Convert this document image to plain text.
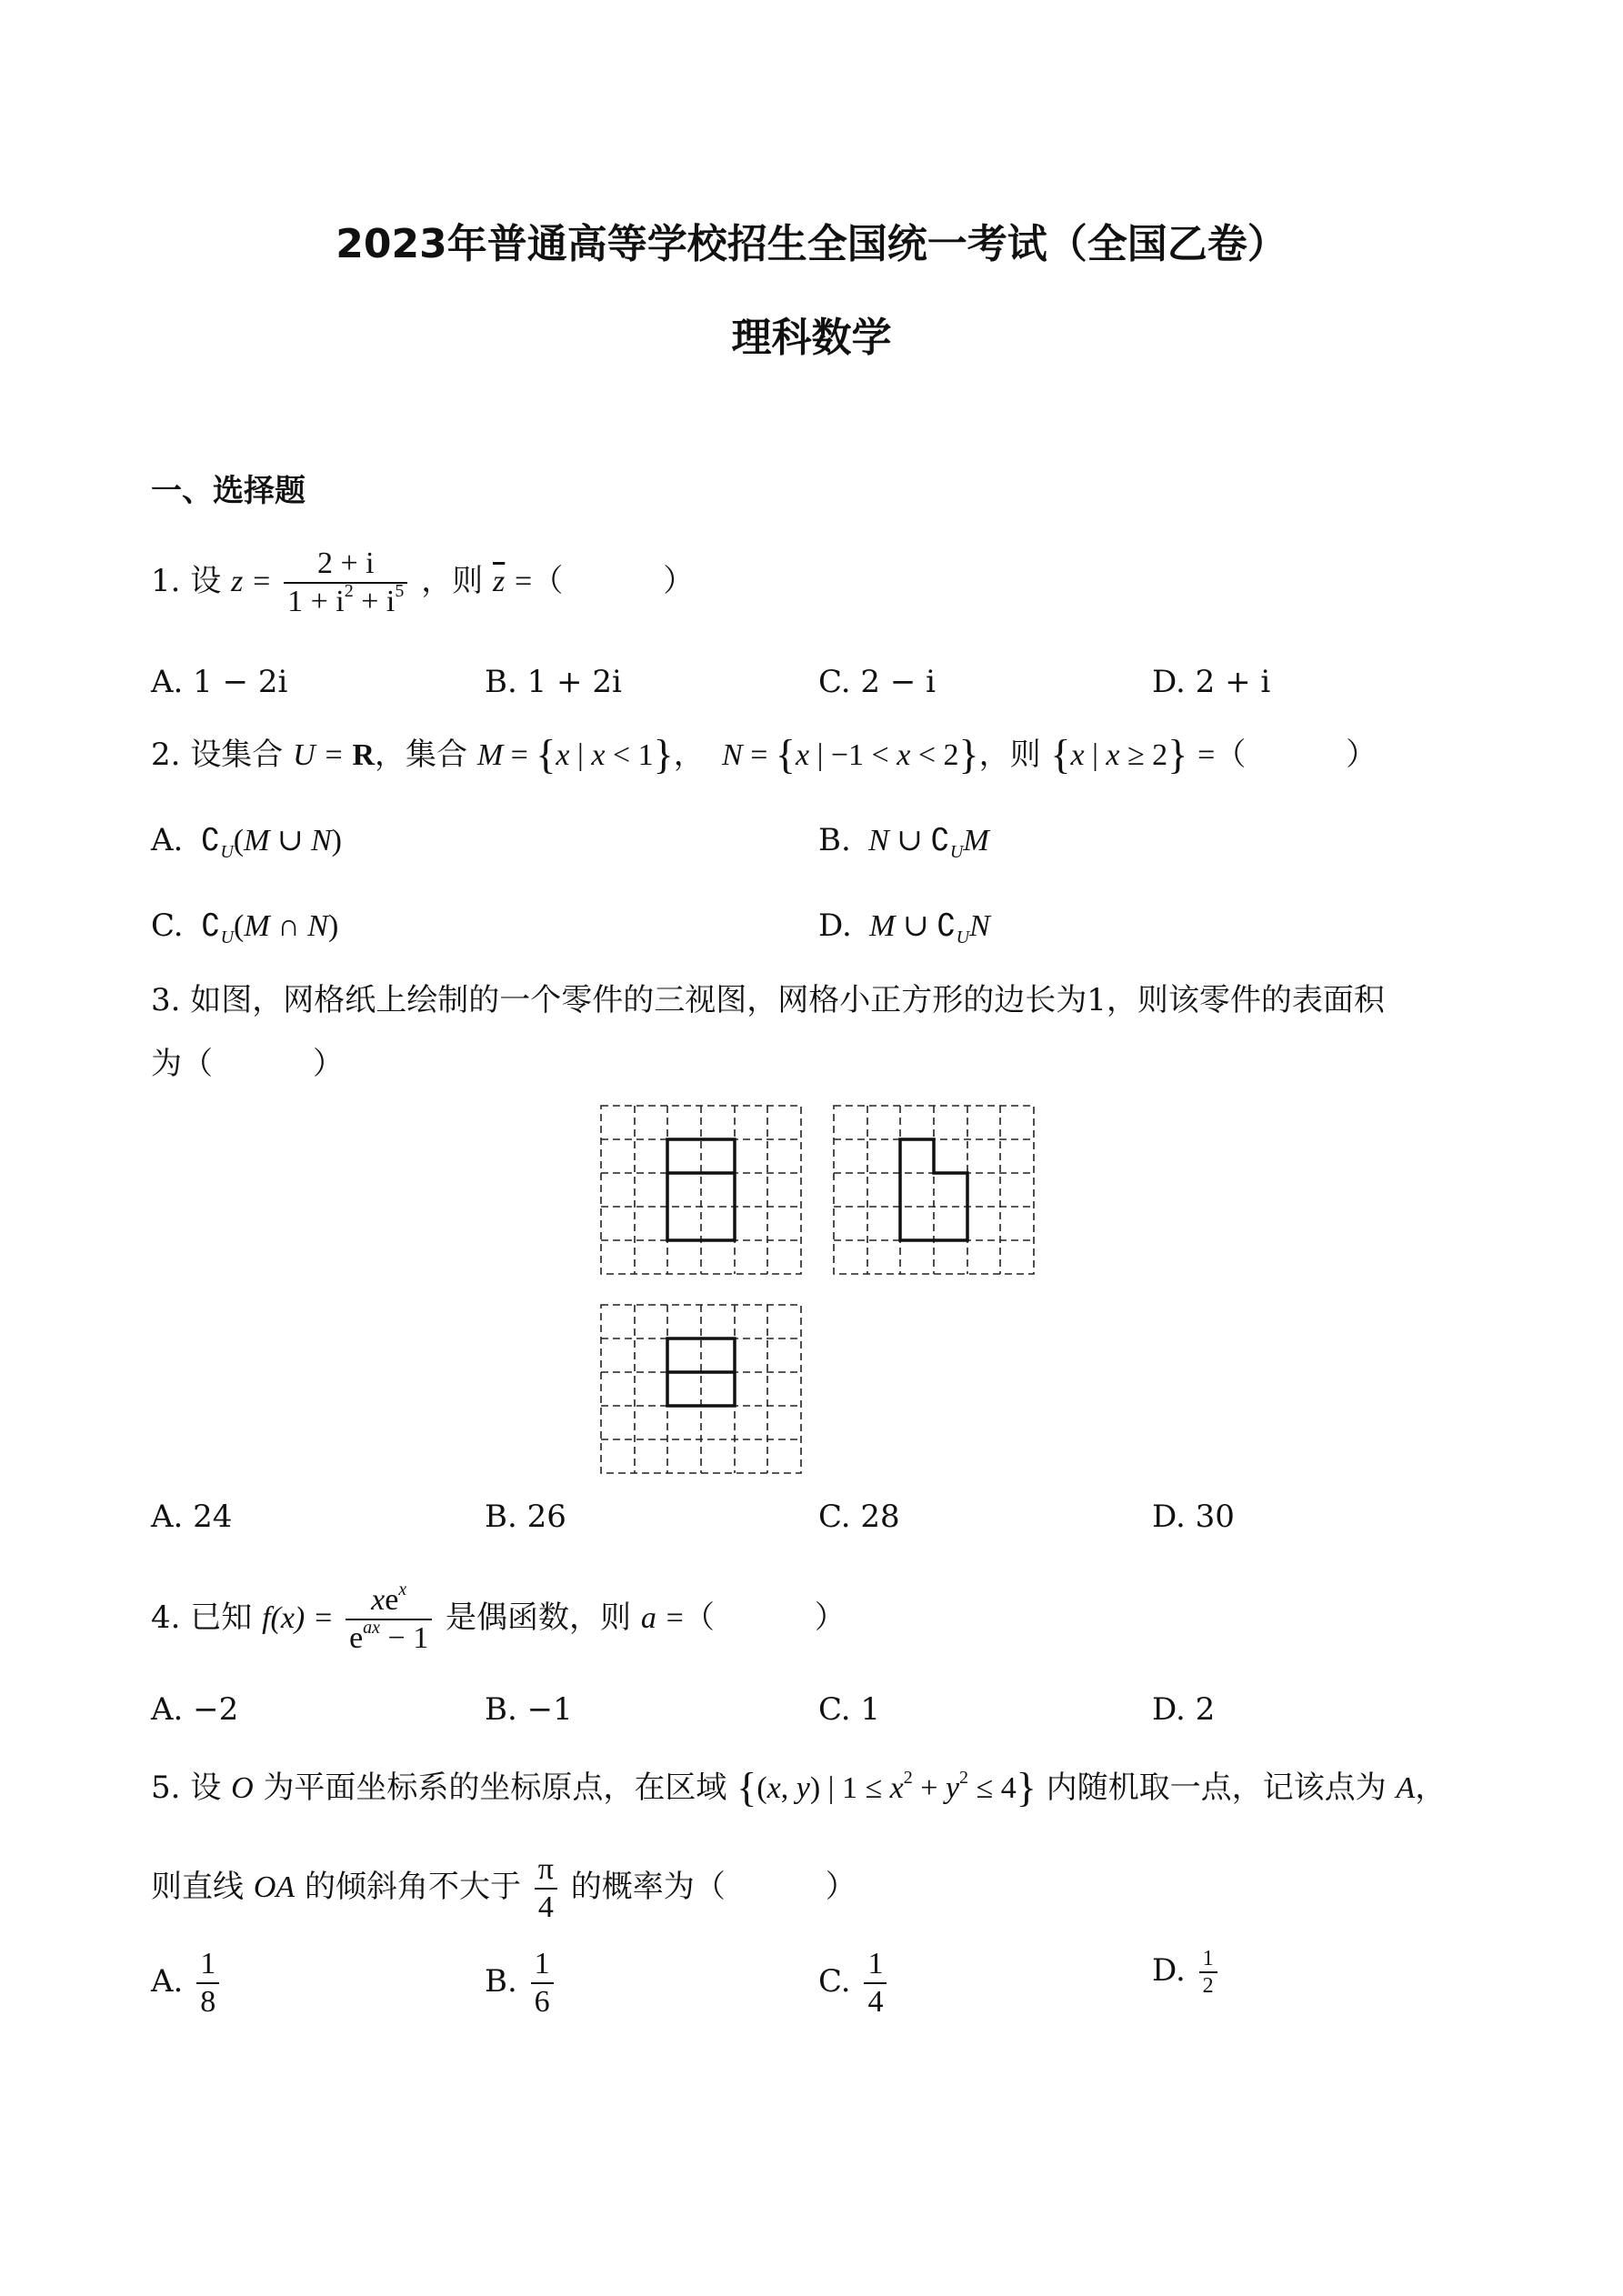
2023年普通高等学校招生全国统一考试（全国乙卷）
理科数学
一、选择题
1. 设 $z = \frac{2 + i}{1 + i^2 + i^5}$ ，则 $\overline{z}$ =（	）
A. 1 − 2i	B. 1 + 2i	C. 2 − i	D. 2 + i
2. 设集合 U = R，集合 M = {x | x < 1}， N = {x | −1 < x < 2}，则 {x | x ≥ 2} =（	）
A.  $∁_U(M$ ∪ N)	B. N ∪ $∁_UM$
C.  $∁_U(M$ ∩ N)	D. M ∪ $∁_UN$
3. 如图，网格纸上绘制的一个零件的三视图，网格小正方形的边长为1，则该零件的表面积
为（	）
A. 24	B. 26	C. 28	D. 30
4. 已知 $f(x) = \frac{xe^x}{e^{ax} - 1}$ 是偶函数，则 a =（	）
A. −2	B. −1	C. 1	D. 2
5. 设 O 为平面坐标系的坐标原点，在区域 {(x, y) | $1 \le x^2 + y^2 \le 4$} 内随机取一点，记该点为 A，
则直线 OA 的倾斜角不大于 $\frac{\pi}{4}$ 的概率为（	）
A. $\frac{1}{8}$	B. $\frac{1}{6}$	C. $\frac{1}{4}$	D. $\frac{1}{2}$
